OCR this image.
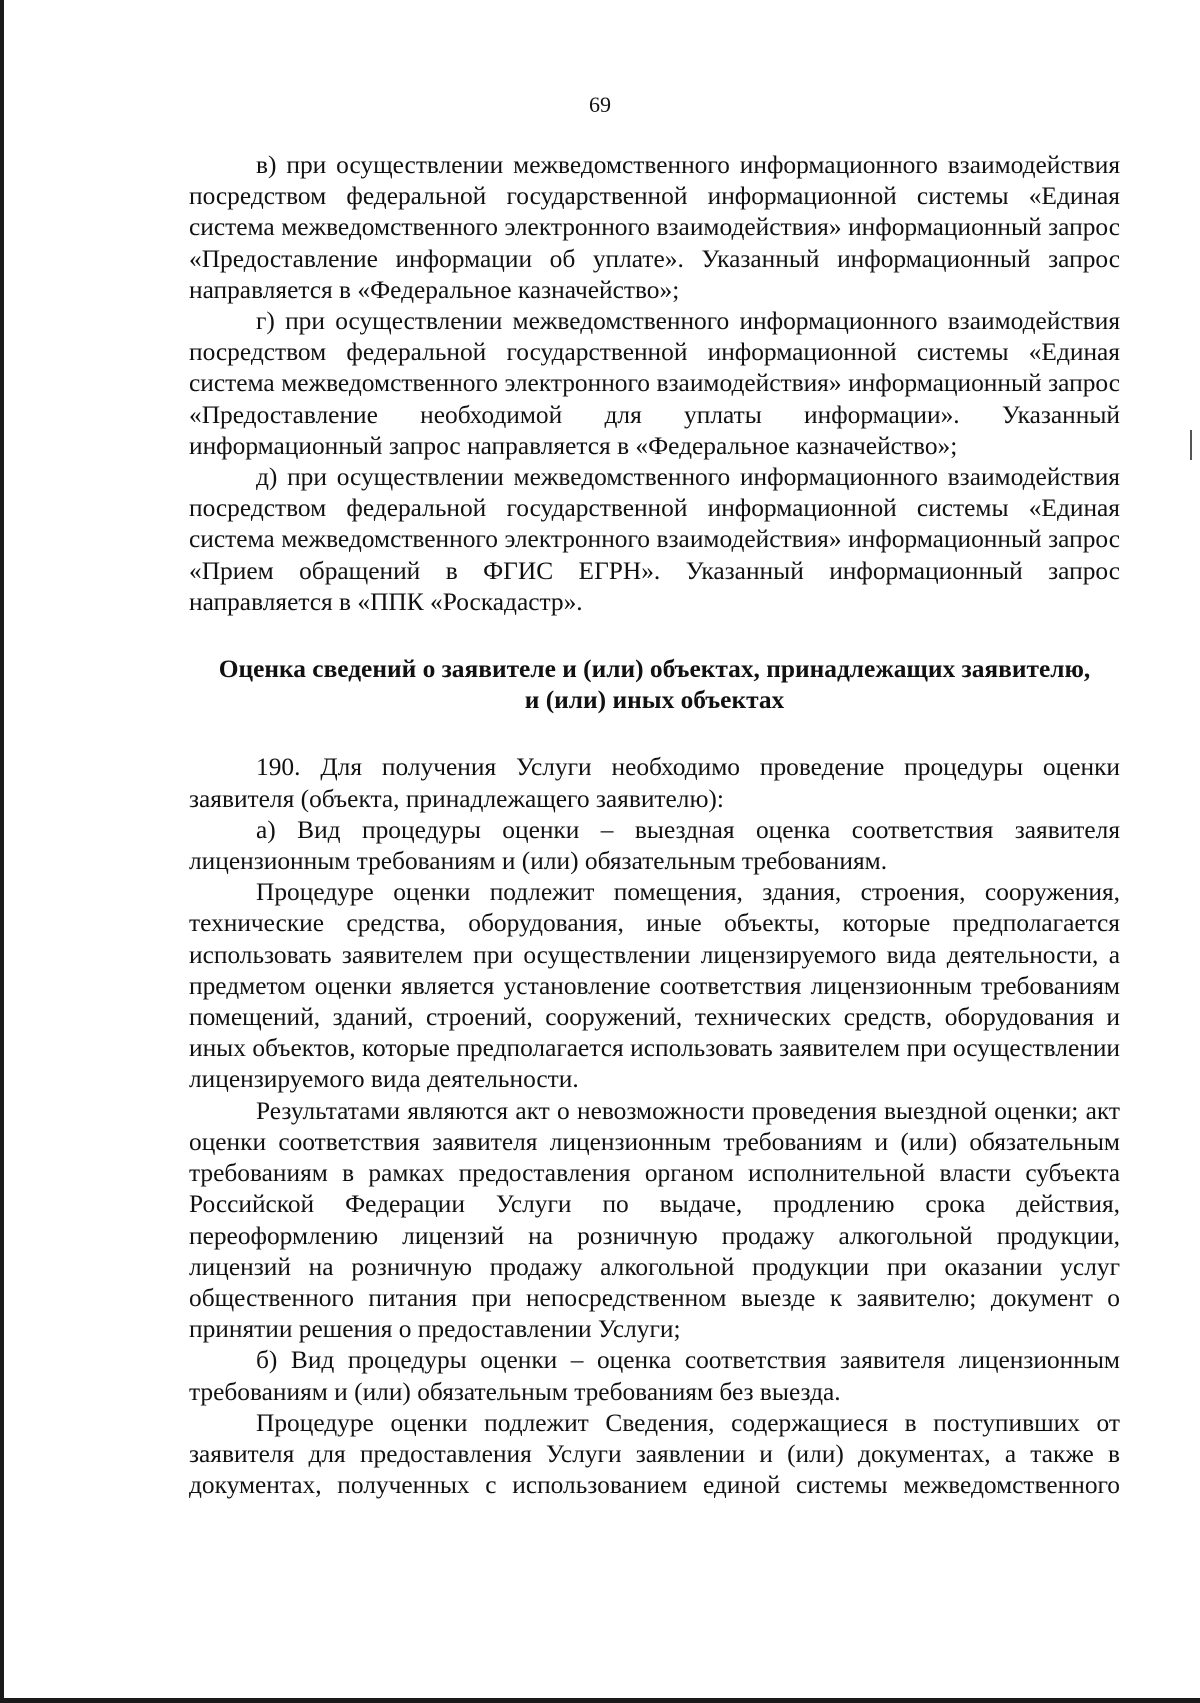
69

в) при осуществлении межведомственного информационного взаимодействия посредством федеральной государственной информационной системы «Единая система межведомственного электронного взаимодействия» информационный запрос «Предоставление информации об уплате». Указанный информационный запрос направляется в «Федеральное казначейство»;

г) при осуществлении межведомственного информационного взаимодействия посредством федеральной государственной информационной системы «Единая система межведомственного электронного взаимодействия» информационный запрос «Предоставление необходимой для уплаты информации». Указанный информационный запрос направляется в «Федеральное казначейство»;

д) при осуществлении межведомственного информационного взаимодействия посредством федеральной государственной информационной системы «Единая система межведомственного электронного взаимодействия» информационный запрос «Прием обращений в ФГИС ЕГРН». Указанный информационный запрос направляется в «ППК «Роскадастр».

Оценка сведений о заявителе и (или) объектах, принадлежащих заявителю,
и (или) иных объектах

190. Для получения Услуги необходимо проведение процедуры оценки заявителя (объекта, принадлежащего заявителю):

а) Вид процедуры оценки – выездная оценка соответствия заявителя лицензионным требованиям и (или) обязательным требованиям.

Процедуре оценки подлежит помещения, здания, строения, сооружения, технические средства, оборудования, иные объекты, которые предполагается использовать заявителем при осуществлении лицензируемого вида деятельности, а предметом оценки является установление соответствия лицензионным требованиям помещений, зданий, строений, сооружений, технических средств, оборудования и иных объектов, которые предполагается использовать заявителем при осуществлении лицензируемого вида деятельности.

Результатами являются акт о невозможности проведения выездной оценки; акт оценки соответствия заявителя лицензионным требованиям и (или) обязательным требованиям в рамках предоставления органом исполнительной власти субъекта Российской Федерации Услуги по выдаче, продлению срока действия, переоформлению лицензий на розничную продажу алкогольной продукции, лицензий на розничную продажу алкогольной продукции при оказании услуг общественного питания при непосредственном выезде к заявителю; документ о принятии решения о предоставлении Услуги;

б) Вид процедуры оценки – оценка соответствия заявителя лицензионным требованиям и (или) обязательным требованиям без выезда.

Процедуре оценки подлежит Сведения, содержащиеся в поступивших от заявителя для предоставления Услуги заявлении и (или) документах, а также в документах, полученных с использованием единой системы межведомственного
